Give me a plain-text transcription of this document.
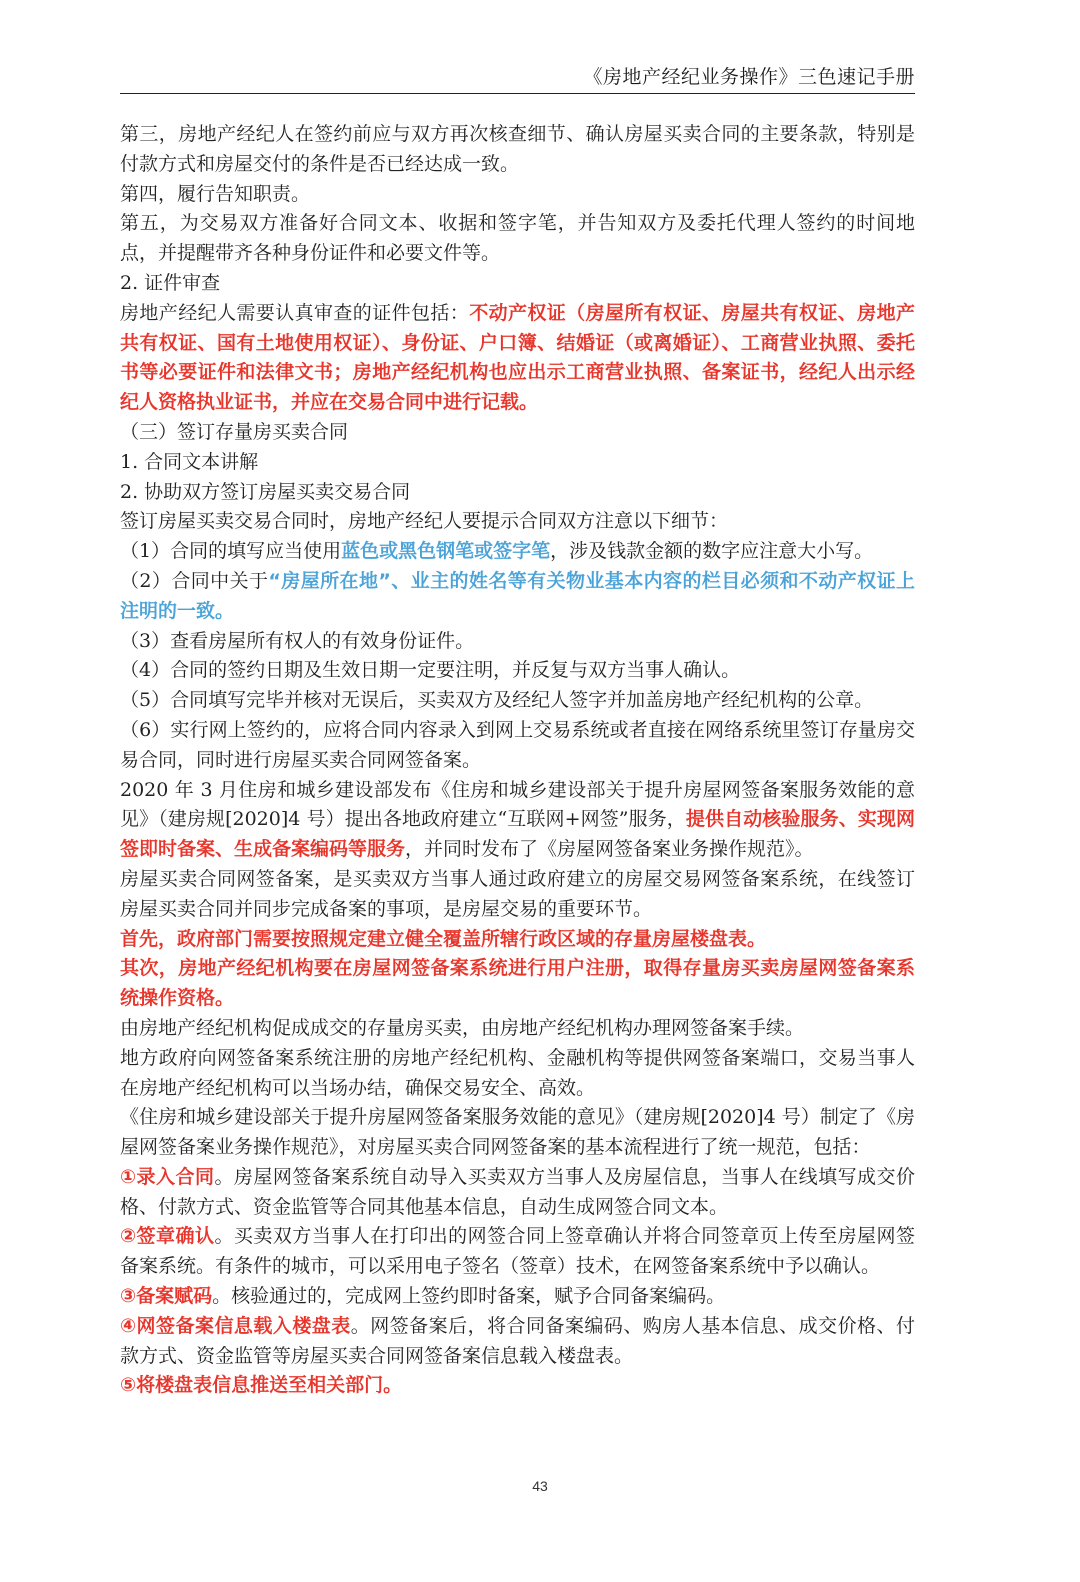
《房地产经纪业务操作》三色速记手册

第三，房地产经纪人在签约前应与双方再次核查细节、确认房屋买卖合同的主要条款，特别是付款方式和房屋交付的条件是否已经达成一致。

第四，履行告知职责。

第五，为交易双方准备好合同文本、收据和签字笔，并告知双方及委托代理人签约的时间地点，并提醒带齐各种身份证件和必要文件等。

2. 证件审查

房地产经纪人需要认真审查的证件包括：不动产权证（房屋所有权证、房屋共有权证、房地产共有权证、国有土地使用权证）、身份证、户口簿、结婚证（或离婚证）、工商营业执照、委托书等必要证件和法律文书；房地产经纪机构也应出示工商营业执照、备案证书，经纪人出示经纪人资格执业证书，并应在交易合同中进行记载。

（三）签订存量房买卖合同

1. 合同文本讲解

2. 协助双方签订房屋买卖交易合同

签订房屋买卖交易合同时，房地产经纪人要提示合同双方注意以下细节：

（1）合同的填写应当使用蓝色或黑色钢笔或签字笔，涉及钱款金额的数字应注意大小写。

（2）合同中关于“房屋所在地”、业主的姓名等有关物业基本内容的栏目必须和不动产权证上注明的一致。

（3）查看房屋所有权人的有效身份证件。

（4）合同的签约日期及生效日期一定要注明，并反复与双方当事人确认。

（5）合同填写完毕并核对无误后，买卖双方及经纪人签字并加盖房地产经纪机构的公章。

（6）实行网上签约的，应将合同内容录入到网上交易系统或者直接在网络系统里签订存量房交易合同，同时进行房屋买卖合同网签备案。

2020 年 3 月住房和城乡建设部发布《住房和城乡建设部关于提升房屋网签备案服务效能的意见》（建房规[2020]4 号）提出各地政府建立“互联网+网签”服务，提供自动核验服务、实现网签即时备案、生成备案编码等服务，并同时发布了《房屋网签备案业务操作规范》。

房屋买卖合同网签备案，是买卖双方当事人通过政府建立的房屋交易网签备案系统，在线签订房屋买卖合同并同步完成备案的事项，是房屋交易的重要环节。

首先，政府部门需要按照规定建立健全覆盖所辖行政区域的存量房屋楼盘表。

其次，房地产经纪机构要在房屋网签备案系统进行用户注册，取得存量房买卖房屋网签备案系统操作资格。

由房地产经纪机构促成成交的存量房买卖，由房地产经纪机构办理网签备案手续。

地方政府向网签备案系统注册的房地产经纪机构、金融机构等提供网签备案端口，交易当事人在房地产经纪机构可以当场办结，确保交易安全、高效。

《住房和城乡建设部关于提升房屋网签备案服务效能的意见》（建房规[2020]4 号）制定了《房屋网签备案业务操作规范》，对房屋买卖合同网签备案的基本流程进行了统一规范，包括：

①录入合同。房屋网签备案系统自动导入买卖双方当事人及房屋信息，当事人在线填写成交价格、付款方式、资金监管等合同其他基本信息，自动生成网签合同文本。

②签章确认。买卖双方当事人在打印出的网签合同上签章确认并将合同签章页上传至房屋网签备案系统。有条件的城市，可以采用电子签名（签章）技术，在网签备案系统中予以确认。

③备案赋码。核验通过的，完成网上签约即时备案，赋予合同备案编码。

④网签备案信息载入楼盘表。网签备案后，将合同备案编码、购房人基本信息、成交价格、付款方式、资金监管等房屋买卖合同网签备案信息载入楼盘表。

⑤将楼盘表信息推送至相关部门。

43
